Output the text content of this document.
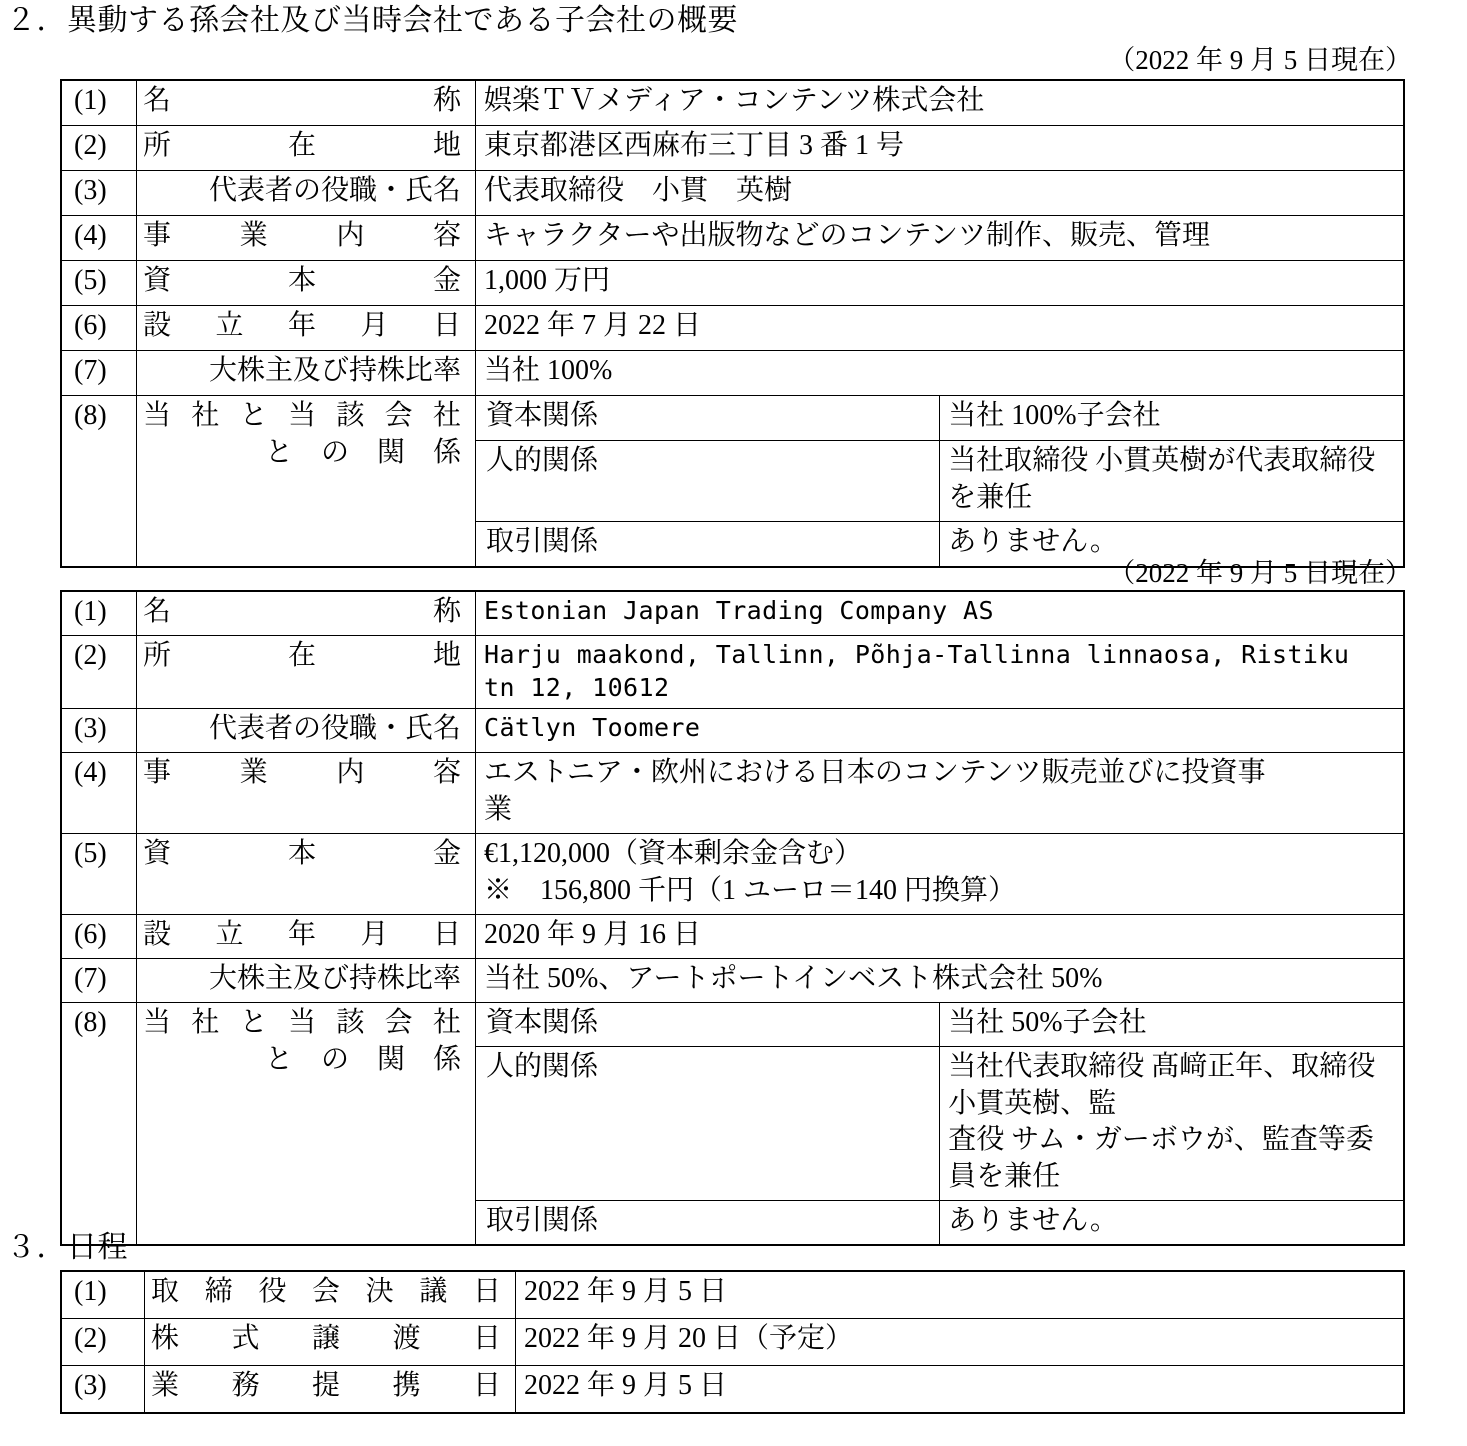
２．異動する孫会社及び当時会社である子会社の概要
（2022 年 9 月 5 日現在）
(1)	名　称	娯楽ＴＶメディア・コンテンツ株式会社	
(2)	所　在　地	東京都港区西麻布三丁目 3 番 1 号	
(3)	代表者の役職・氏名	代表取締役　小貫　英樹	
(4)	事　業　内　容	キャラクターや出版物などのコンテンツ制作、販売、管理	
(5)	資　本　金	1,000 万円	
(6)	設　立　年　月　日	2022 年 7 月 22 日	
(7)	大株主及び持株比率	当社 100%	
(8)	当社と当該会社
と　の　関　係	資本関係	当社 100%子会社
		人的関係	当社取締役 小貫英樹が代表取締役を兼任
		取引関係	ありません。
（2022 年 9 月 5 日現在）
(1)	名　称	Estonian Japan Trading Company AS	

(2)	所　在　地	Harju maakond, Tallinn, Põhja-Tallinna linnaosa, Ristiku
tn 12, 10612	

(3)	代表者の役職・氏名	Cätlyn Toomere	

(4)	事　業　内　容	エストニア・欧州における日本のコンテンツ販売並びに投資事
業	

(5)	資　本　金	€1,120,000（資本剰余金含む）
※　156,800 千円（1 ユーロ＝140 円換算）	

(6)	設　立　年　月　日	2020 年 9 月 16 日	

(7)	大株主及び持株比率	当社 50%、アートポートインベスト株式会社 50%	

(8)	当社と当該会社
と　の　関　係	資本関係	当社 50%子会社

		人的関係	当社代表取締役 髙﨑正年、取締役 小貫英樹、監
査役 サム・ガーボウが、監査等委員を兼任

		取引関係	ありません。
３．日程
(1)	取締役会決議日	2022 年 9 月 5 日
(2)	株式譲渡日	2022 年 9 月 20 日（予定）
(3)	業務提携日	2022 年 9 月 5 日
